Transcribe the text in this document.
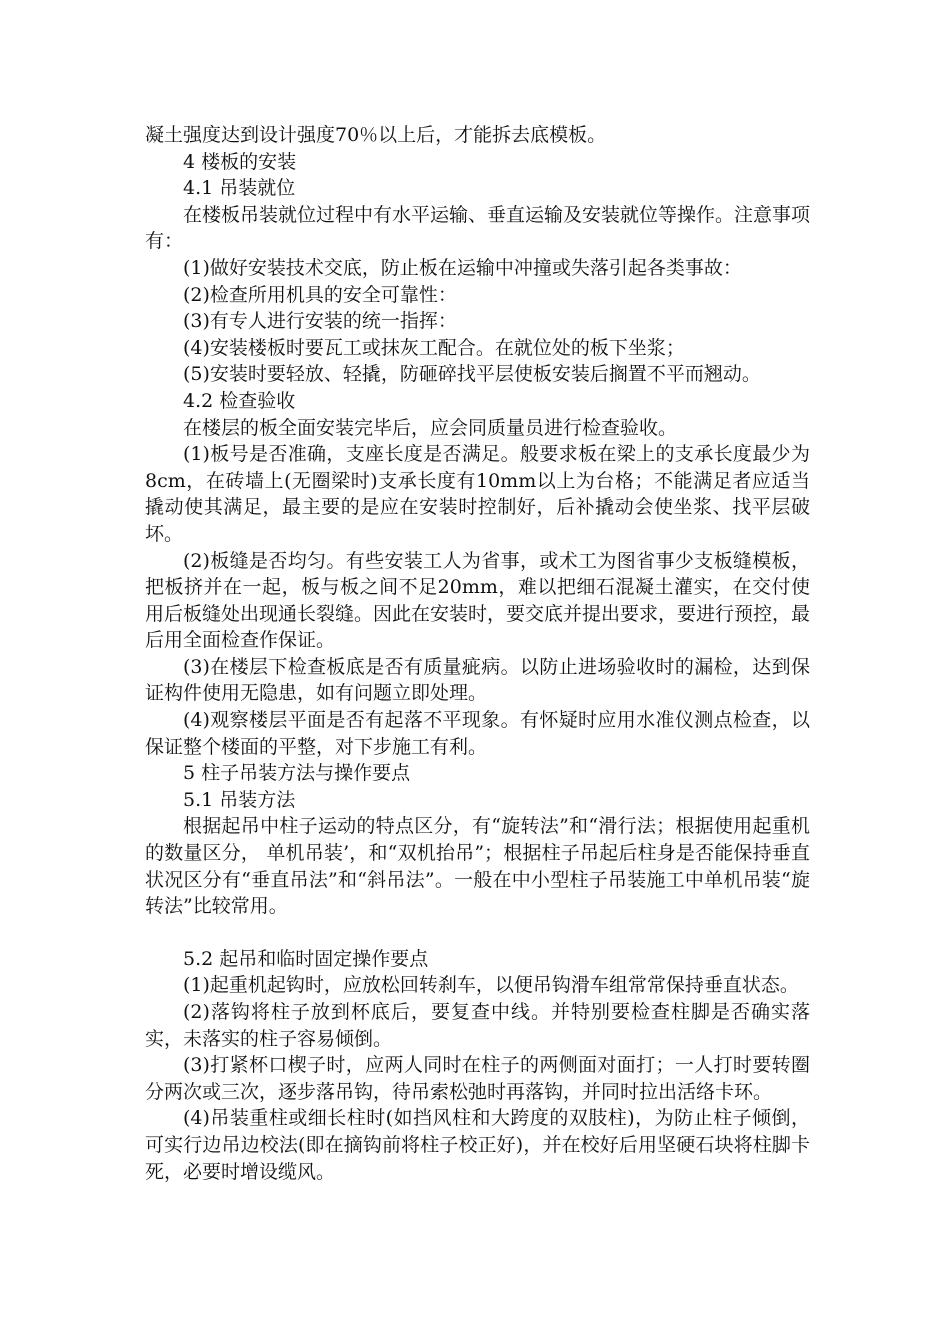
凝土强度达到设计强度70％以上后，才能拆去底模板。

4 楼板的安装

4.1 吊装就位

在楼板吊装就位过程中有水平运输、垂直运输及安装就位等操作。注意事项有：

(1)做好安装技术交底，防止板在运输中冲撞或失落引起各类事故：

(2)检查所用机具的安全可靠性：

(3)有专人进行安装的统一指挥：

(4)安装楼板时要瓦工或抹灰工配合。在就位处的板下坐浆；

(5)安装时要轻放、轻撬，防砸碎找平层使板安装后搁置不平而翘动。

4.2 检查验收

在楼层的板全面安装完毕后，应会同质量员进行检查验收。

(1)板号是否准确，支座长度是否满足。般要求板在梁上的支承长度最少为8cm，在砖墙上(无圈梁时)支承长度有10mm以上为台格；不能满足者应适当撬动使其满足，最主要的是应在安装时控制好，后补撬动会使坐浆、找平层破坏。

(2)板缝是否均匀。有些安装工人为省事，或术工为图省事少支板缝模板，把板挤并在一起，板与板之间不足20mm，难以把细石混凝土灌实，在交付使用后板缝处出现通长裂缝。因此在安装时，要交底并提出要求，要进行预控，最后用全面检查作保证。

(3)在楼层下检查板底是否有质量疵病。以防止进场验收时的漏检，达到保证构件使用无隐患，如有问题立即处理。

(4)观察楼层平面是否有起落不平现象。有怀疑时应用水准仪测点检查，以保证整个楼面的平整，对下步施工有利。

5 柱子吊装方法与操作要点

5.1 吊装方法

根据起吊中柱子运动的特点区分，有“旋转法”和“滑行法；根据使用起重机的数量区分， 单机吊装’，和“双机抬吊”；根据柱子吊起后柱身是否能保持垂直状况区分有“垂直吊法”和“斜吊法”。一般在中小型柱子吊装施工中单机吊装“旋转法”比较常用。

5.2 起吊和临时固定操作要点

(1)起重机起钩时，应放松回转刹车，以便吊钩滑车组常常保持垂直状态。

(2)落钩将柱子放到杯底后，要复查中线。并特别要检查柱脚是否确实落实，未落实的柱子容易倾倒。

(3)打紧杯口楔子时，应两人同时在柱子的两侧面对面打；一人打时要转圈分两次或三次，逐步落吊钩，待吊索松弛时再落钩，并同时拉出活络卡环。

(4)吊装重柱或细长柱时(如挡风柱和大跨度的双肢柱)，为防止柱子倾倒，可实行边吊边校法(即在摘钩前将柱子校正好)，并在校好后用坚硬石块将柱脚卡死，必要时增设缆风。
